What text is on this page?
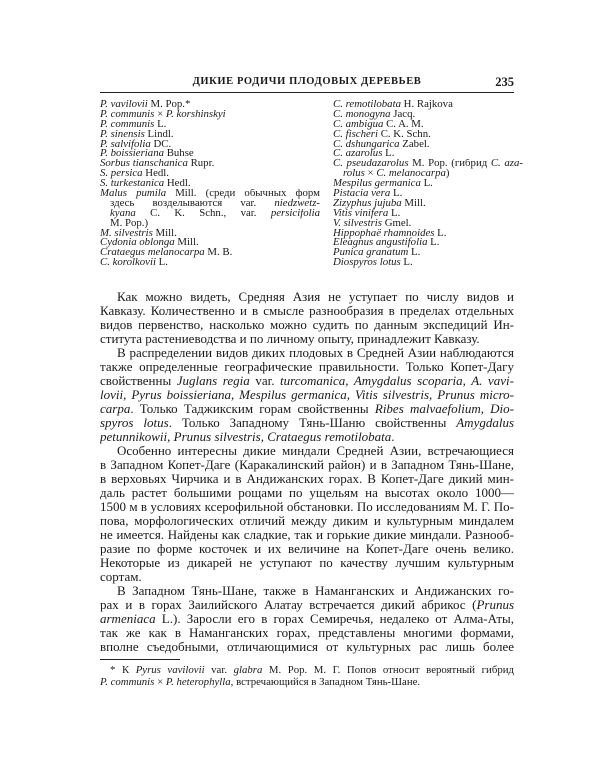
ДИКИЕ РОДИЧИ ПЛОДОВЫХ ДЕРЕВЬЕВ	235
P. vavilovii M. Pop.*
P. communis × P. korshinskyi
P. communis L.
P. sinensis Lindl.
P. salvifolia DC.
P. boissieriana Buhse
Sorbus tianschanica Rupr.
S. persica Hedl.
S. turkestanica Hedl.
Malus pumila Mill. (среди обычных форм
здесь возделываются var. niedzwetz-
kyana C. K. Schn., var. persicifolia
M. Pop.)
M. silvestris Mill.
Cydonia oblonga Mill.
Crataegus melanocarpa M. B.
C. korolkovii L.
C. remotilobata H. Rajkova
C. monogyna Jacq.
C. ambigua C. A. M.
C. fischeri C. K. Schn.
C. dshungarica Zabel.
C. azarolus L.
C. pseudazarolus M. Pop. (гибрид C. aza-
rolus × C. melanocarpa)
Mespilus germanica L.
Pistacia vera L.
Zizyphus jujuba Mill.
Vitis vinifera L.
V. silvestris Gmel.
Hippophaë rhamnoides L.
Eleagnus angustifolia L.
Punica granatum L.
Diospyros lotus L.
Как можно видеть, Средняя Азия не уступает по числу видов и
Кавказу. Количественно и в смысле разнообразия в пределах отдельных
видов первенство, насколько можно судить по данным экспедиций Ин-
ститута растениеводства и по личному опыту, принадлежит Кавказу.
В распределении видов диких плодовых в Средней Азии наблюдаются
также определенные географические правильности. Только Копет-Дагу
свойственны Juglans regia var. turcomanica, Amygdalus scoparia, A. vavi-
lovii, Pyrus boissieriana, Mespilus germanica, Vitis silvestris, Prunus micro-
carpa. Только Таджикским горам свойственны Ribes malvaefolium, Dio-
spyros lotus. Только Западному Тянь-Шаню свойственны Amygdalus
petunnikowii, Prunus silvestris, Crataegus remotilobata.
Особенно интересны дикие миндали Средней Азии, встречающиеся
в Западном Копет-Даге (Каракалинский район) и в Западном Тянь-Шане,
в верховьях Чирчика и в Андижанских горах. В Копет-Даге дикий мин-
даль растет большими рощами по ущельям на высотах около 1000—
1500 м в условиях ксерофильной обстановки. По исследованиям М. Г. По-
пова, морфологических отличий между диким и культурным миндалем
не имеется. Найдены как сладкие, так и горькие дикие миндали. Разнооб-
разие по форме косточек и их величине на Копет-Даге очень велико.
Некоторые из дикарей не уступают по качеству лучшим культурным
сортам.
В Западном Тянь-Шане, также в Наманганских и Андижанских го-
рах и в горах Заилийского Алатау встречается дикий абрикос (Prunus
armeniaca L.). Заросли его в горах Семиречья, недалеко от Алма-Аты,
так же как в Наманганских горах, представлены многими формами,
вполне съедобными, отличающимися от культурных рас лишь более
* К Pyrus vavilovii var. glabra M. Pop. М. Г. Попов относит вероятный гибрид
P. communis × P. heterophylla, встречающийся в Западном Тянь-Шане.
